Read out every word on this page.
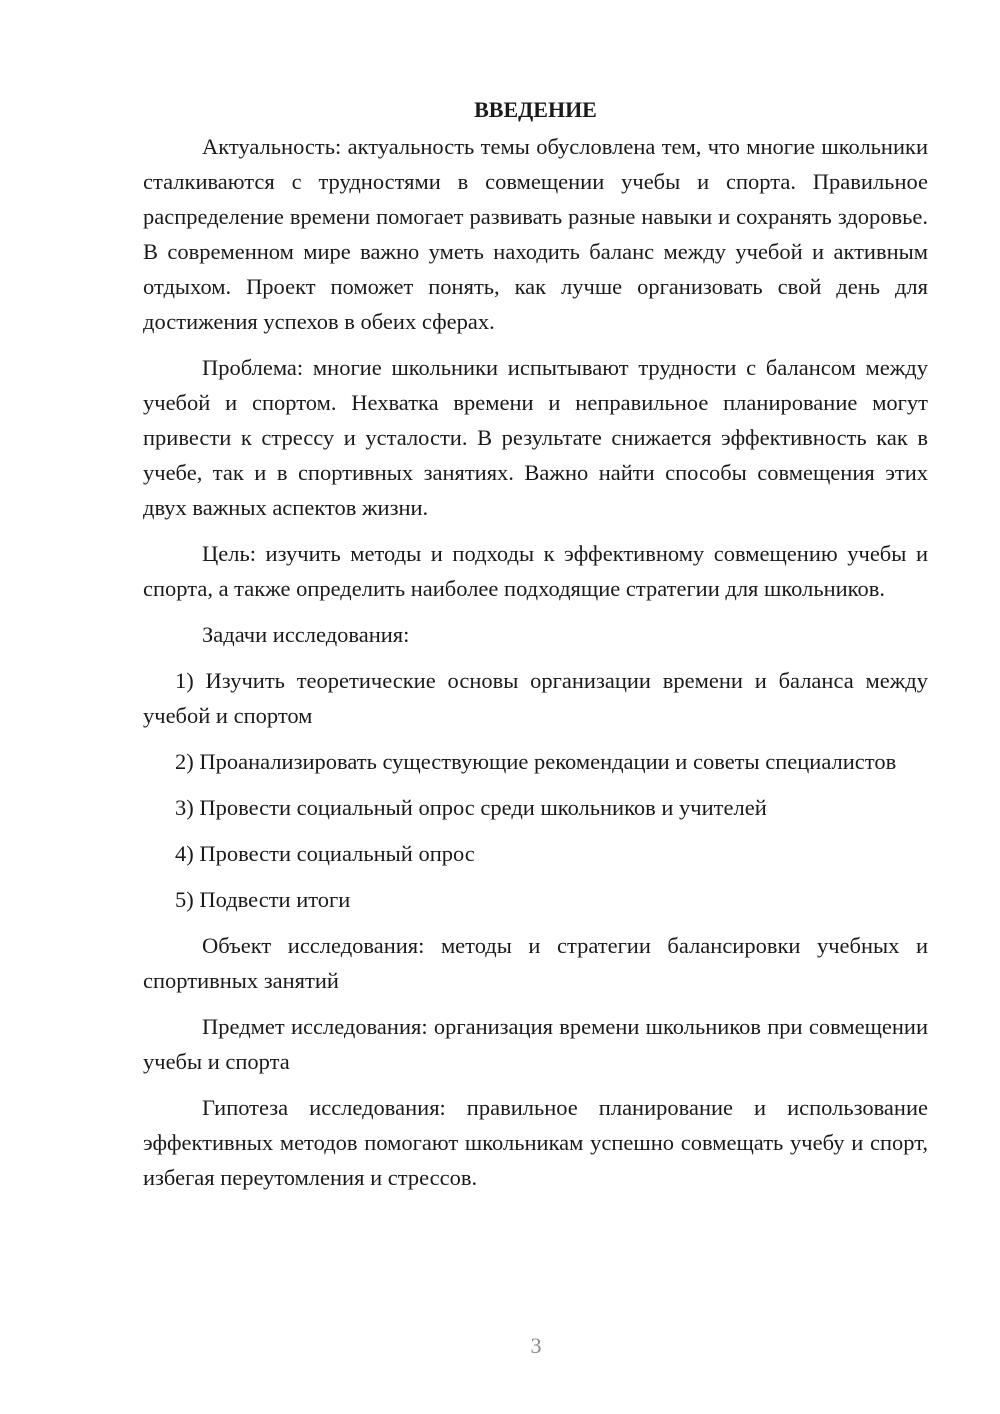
ВВЕДЕНИЕ

Актуальность: актуальность темы обусловлена тем, что многие школьники сталкиваются с трудностями в совмещении учебы и спорта. Правильное распределение времени помогает развивать разные навыки и сохранять здоровье. В современном мире важно уметь находить баланс между учебой и активным отдыхом. Проект поможет понять, как лучше организовать свой день для достижения успехов в обеих сферах.

Проблема: многие школьники испытывают трудности с балансом между учебой и спортом. Нехватка времени и неправильное планирование могут привести к стрессу и усталости. В результате снижается эффективность как в учебе, так и в спортивных занятиях. Важно найти способы совмещения этих двух важных аспектов жизни.

Цель: изучить методы и подходы к эффективному совмещению учебы и спорта, а также определить наиболее подходящие стратегии для школьников.

Задачи исследования:

1) Изучить теоретические основы организации времени и баланса между учебой и спортом

2) Проанализировать существующие рекомендации и советы специалистов

3) Провести социальный опрос среди школьников и учителей

4) Провести социальный опрос

5) Подвести итоги

Объект исследования: методы и стратегии балансировки учебных и спортивных занятий

Предмет исследования: организация времени школьников при совмещении учебы и спорта

Гипотеза исследования: правильное планирование и использование эффективных методов помогают школьникам успешно совмещать учебу и спорт, избегая переутомления и стрессов.

3
